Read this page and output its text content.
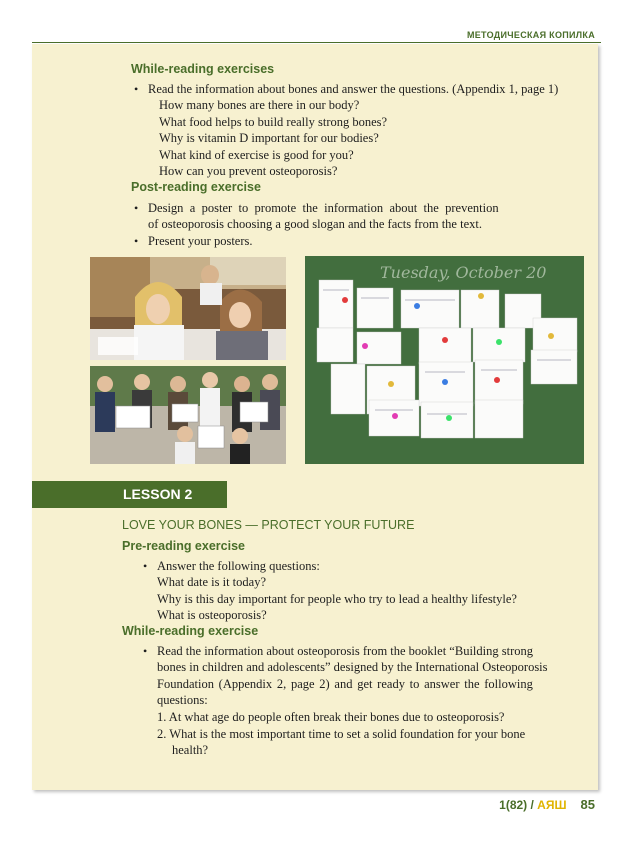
МЕТОДИЧЕСКАЯ КОПИЛКА
While-reading exercises
• Read the information about bones and answer the questions. (Appendix 1, page 1)
How many bones are there in our body?
What food helps to build really strong bones?
Why is vitamin D important for our bodies?
What kind of exercise is good for you?
How can you prevent osteoporosis?
Post-reading exercise
• Design a poster to promote the information about the prevention
of osteoporosis choosing a good slogan and the facts from the text.
• Present your posters.
Tuesday, October 20
LESSON 2
LOVE YOUR BONES — PROTECT YOUR FUTURE
Pre-reading exercise
• Answer the following questions:
What date is it today?
Why is this day important for people who try to lead a healthy lifestyle?
What is osteoporosis?
While-reading exercise
• Read the information about osteoporosis from the booklet “Building strong
bones in children and adolescents” designed by the International Osteoporosis
Foundation (Appendix 2, page 2) and get ready to answer the following
questions:
1. At what age do people often break their bones due to osteoporosis?
2. What is the most important time to set a solid foundation for your bone
health?
1(82) / АЯШ 85
